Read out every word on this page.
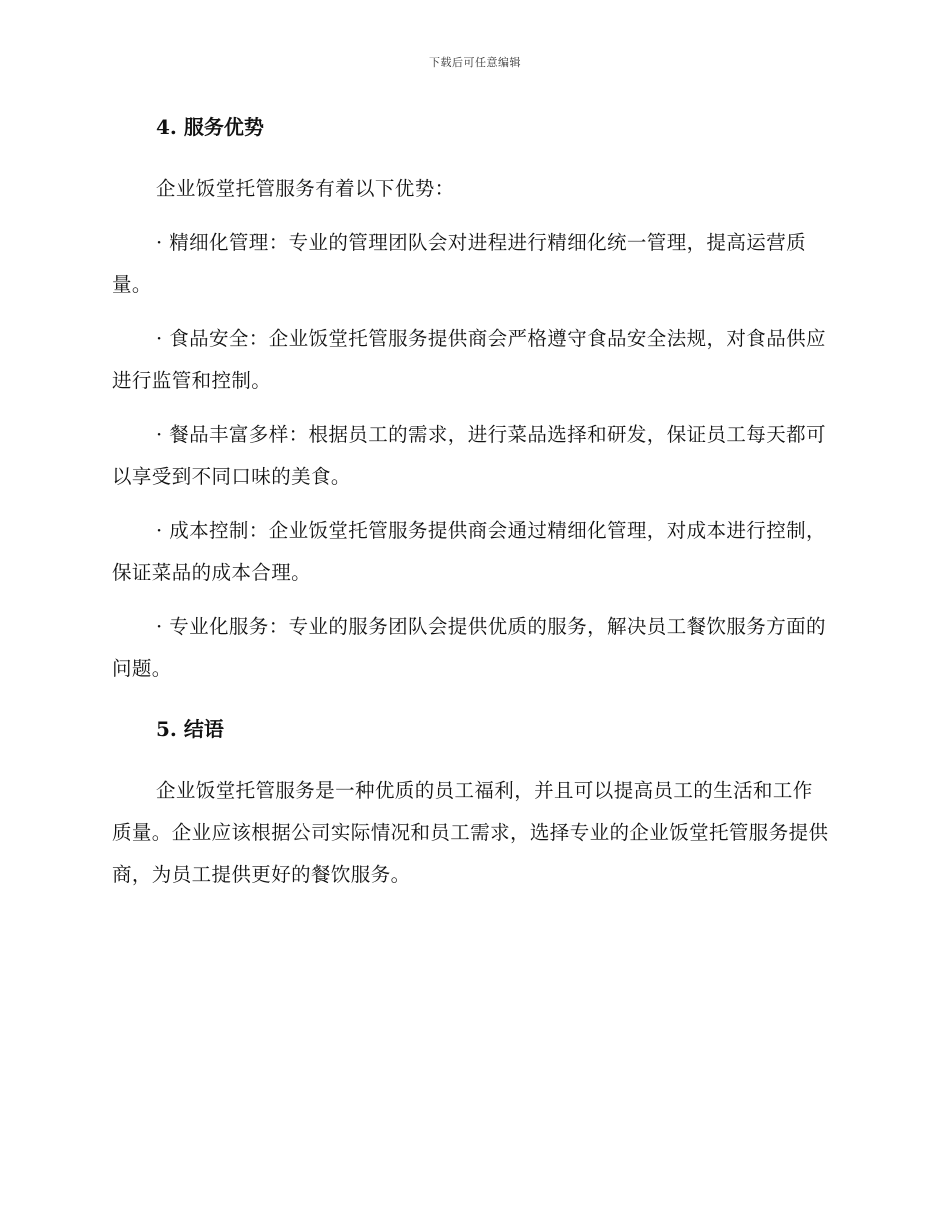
下载后可任意编辑
4. 服务优势

企业饭堂托管服务有着以下优势：

· 精细化管理：专业的管理团队会对进程进行精细化统一管理，提高运营质量。

· 食品安全：企业饭堂托管服务提供商会严格遵守食品安全法规，对食品供应进行监管和控制。

· 餐品丰富多样：根据员工的需求，进行菜品选择和研发，保证员工每天都可以享受到不同口味的美食。

· 成本控制：企业饭堂托管服务提供商会通过精细化管理，对成本进行控制，保证菜品的成本合理。

· 专业化服务：专业的服务团队会提供优质的服务，解决员工餐饮服务方面的问题。

5. 结语

企业饭堂托管服务是一种优质的员工福利，并且可以提高员工的生活和工作质量。企业应该根据公司实际情况和员工需求，选择专业的企业饭堂托管服务提供商，为员工提供更好的餐饮服务。
